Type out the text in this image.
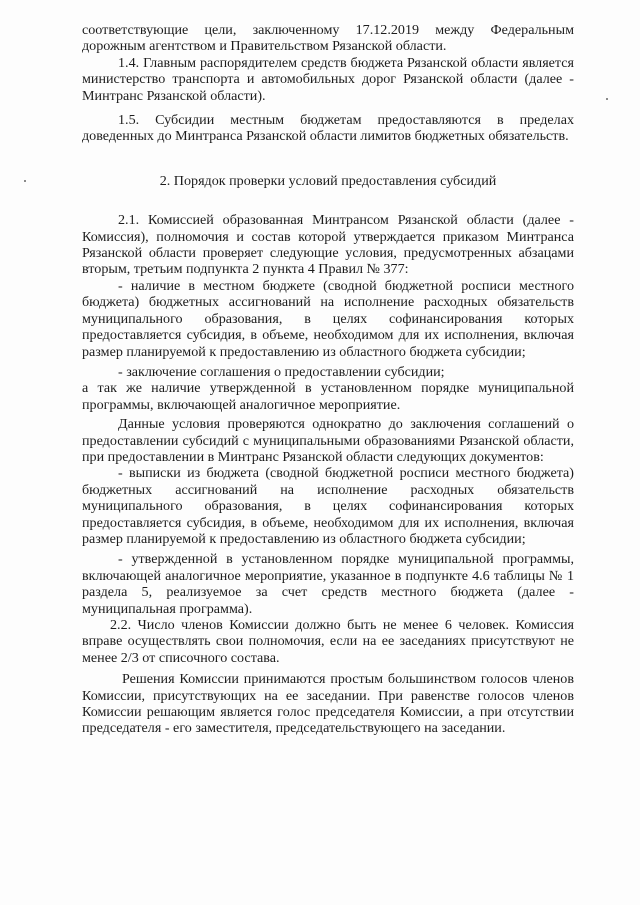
соответствующие цели, заключенному 17.12.2019 между Федеральным дорожным агентством и Правительством Рязанской области.

1.4. Главным распорядителем средств бюджета Рязанской области является министерство транспорта и автомобильных дорог Рязанской области (далее - Минтранс Рязанской области).

1.5. Субсидии местным бюджетам предоставляются в пределах доведенных до Минтранса Рязанской области лимитов бюджетных обязательств.

2. Порядок проверки условий предоставления субсидий

2.1. Комиссией образованная Минтрансом Рязанской области (далее - Комиссия), полномочия и состав которой утверждается приказом Минтранса Рязанской области проверяет следующие условия, предусмотренных абзацами вторым, третьим подпункта 2 пункта 4 Правил № 377:

- наличие в местном бюджете (сводной бюджетной росписи местного бюджета) бюджетных ассигнований на исполнение расходных обязательств муниципального образования, в целях софинансирования которых предоставляется субсидия, в объеме, необходимом для их исполнения, включая размер планируемой к предоставлению из областного бюджета субсидии;

- заключение соглашения о предоставлении субсидии;

а так же наличие утвержденной в установленном порядке муниципальной программы, включающей аналогичное мероприятие.

Данные условия проверяются однократно до заключения соглашений о предоставлении субсидий с муниципальными образованиями Рязанской области, при предоставлении в Минтранс Рязанской области следующих документов:

- выписки из бюджета (сводной бюджетной росписи местного бюджета) бюджетных ассигнований на исполнение расходных обязательств муниципального образования, в целях софинансирования которых предоставляется субсидия, в объеме, необходимом для их исполнения, включая размер планируемой к предоставлению из областного бюджета субсидии;

- утвержденной в установленном порядке муниципальной программы, включающей аналогичное мероприятие, указанное в подпункте 4.6 таблицы № 1 раздела 5, реализуемое за счет средств местного бюджета (далее - муниципальная программа).

2.2. Число членов Комиссии должно быть не менее 6 человек. Комиссия вправе осуществлять свои полномочия, если на ее заседаниях присутствуют не менее 2/3 от списочного состава.

Решения Комиссии принимаются простым большинством голосов членов Комиссии, присутствующих на ее заседании. При равенстве голосов членов Комиссии решающим является голос председателя Комиссии, а при отсутствии председателя - его заместителя, председательствующего на заседании.
